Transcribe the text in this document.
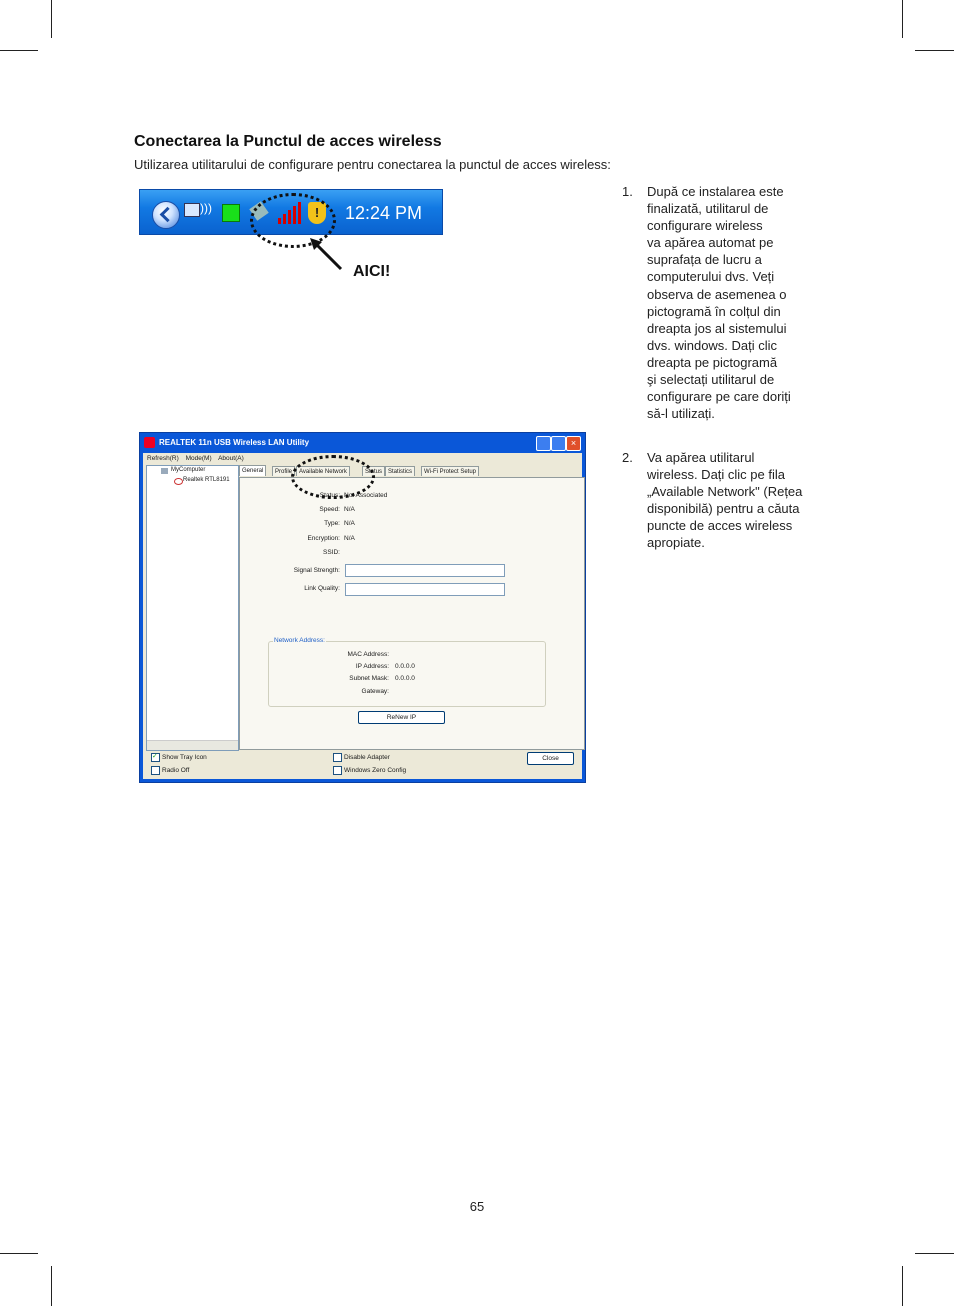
Conectarea la Punctul de acces wireless
Utilizarea utilitarului de configurare pentru conectarea la punctul de acces wireless:
)))	!	12:24 PM
AICI!
1. După ce instalarea este
finalizată, utilitarul de
configurare wireless
va apărea automat pe
suprafața de lucru a
computerului dvs. Veți
observa de asemenea o
pictogramă în colțul din
dreapta jos al sistemului
dvs. windows. Dați clic
dreapta pe pictogramă
şi selectați utilitarul de
configurare pe care doriți
să-l utilizați.
2. Va apărea utilitarul
wireless. Dați clic pe fila
„Available Network" (Rețea
disponibilă) pentru a căuta
puncte de acces wireless
apropiate.
REALTEK 11n USB Wireless LAN Utility	×
Refresh(R) Mode(M) About(A)
MyComputer
Realtek RTL8191
General	Profile	Available Network	Status Statistics	Wi-Fi Protect Setup
Status: Not Associated
Speed: N/A
Type: N/A
Encryption: N/A
SSID:
Signal Strength:
Link Quality:
Network Address:
MAC Address:
IP Address: 0.0.0.0
Subnet Mask: 0.0.0.0
Gateway:
ReNew IP
Show Tray Icon ✓
Radio Off
Disable Adapter
Windows Zero Config
Close
65
